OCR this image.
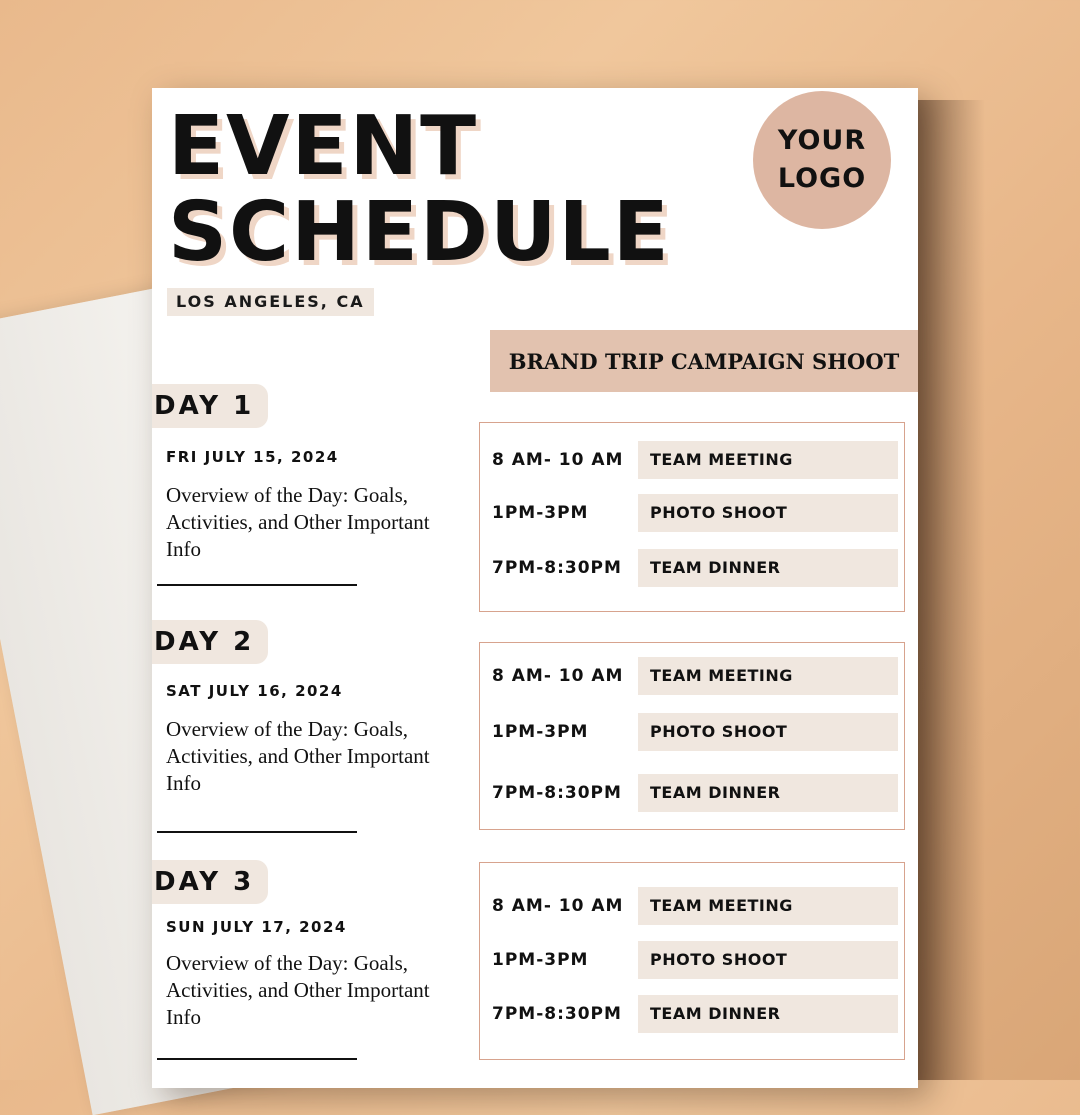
EVENT
SCHEDULE
LOS ANGELES, CA
YOUR
LOGO
BRAND TRIP CAMPAIGN SHOOT
DAY 1
FRI JULY 15, 2024
Overview of the Day: Goals, Activities, and Other Important Info
8 AM- 10 AM	TEAM MEETING
1PM-3PM	PHOTO SHOOT
7PM-8:30PM	TEAM DINNER
DAY 2
SAT JULY 16, 2024
Overview of the Day: Goals, Activities, and Other Important Info
8 AM- 10 AM	TEAM MEETING
1PM-3PM	PHOTO SHOOT
7PM-8:30PM	TEAM DINNER
DAY 3
SUN JULY 17, 2024
Overview of the Day: Goals, Activities, and Other Important Info
8 AM- 10 AM	TEAM MEETING
1PM-3PM	PHOTO SHOOT
7PM-8:30PM	TEAM DINNER
